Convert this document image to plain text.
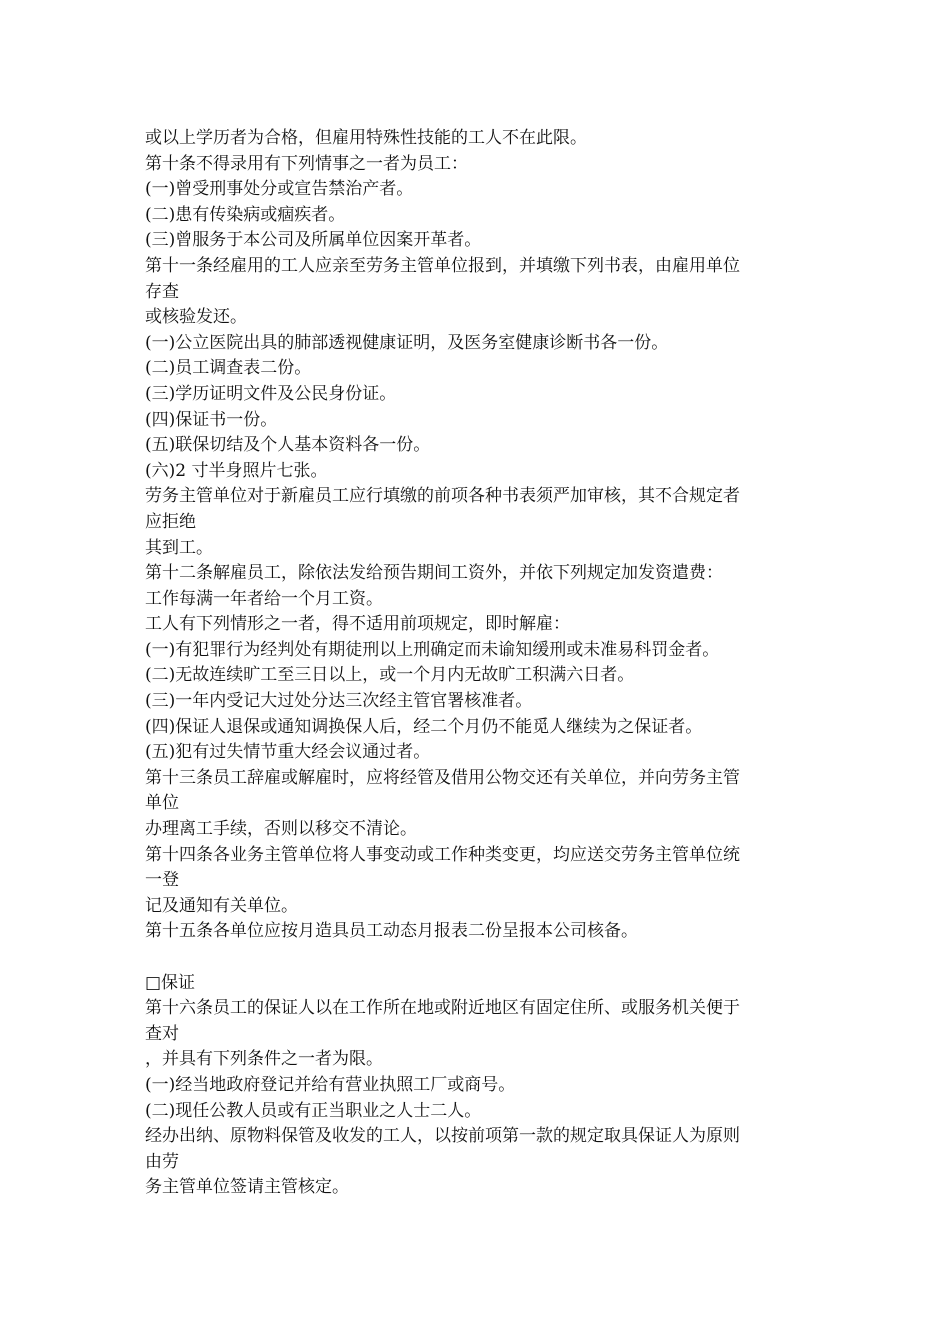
或以上学历者为合格，但雇用特殊性技能的工人不在此限。
第十条不得录用有下列情事之一者为员工：
(一)曾受刑事处分或宣告禁治产者。
(二)患有传染病或痼疾者。
(三)曾服务于本公司及所属单位因案开革者。
第十一条经雇用的工人应亲至劳务主管单位报到，并填缴下列书表，由雇用单位
存查
或核验发还。
(一)公立医院出具的肺部透视健康证明，及医务室健康诊断书各一份。
(二)员工调查表二份。
(三)学历证明文件及公民身份证。
(四)保证书一份。
(五)联保切结及个人基本资料各一份。
(六)2 寸半身照片七张。
劳务主管单位对于新雇员工应行填缴的前项各种书表须严加审核，其不合规定者
应拒绝
其到工。
第十二条解雇员工，除依法发给预告期间工资外，并依下列规定加发资遣费：
工作每满一年者给一个月工资。
工人有下列情形之一者，得不适用前项规定，即时解雇：
(一)有犯罪行为经判处有期徒刑以上刑确定而未谕知缓刑或未准易科罚金者。
(二)无故连续旷工至三日以上，或一个月内无故旷工积满六日者。
(三)一年内受记大过处分达三次经主管官署核准者。
(四)保证人退保或通知调换保人后，经二个月仍不能觅人继续为之保证者。
(五)犯有过失情节重大经会议通过者。
第十三条员工辞雇或解雇时，应将经管及借用公物交还有关单位，并向劳务主管
单位
办理离工手续，否则以移交不清论。
第十四条各业务主管单位将人事变动或工作种类变更，均应送交劳务主管单位统
一登
记及通知有关单位。
第十五条各单位应按月造具员工动态月报表二份呈报本公司核备。
□保证
第十六条员工的保证人以在工作所在地或附近地区有固定住所、或服务机关便于
查对
，并具有下列条件之一者为限。
(一)经当地政府登记并给有营业执照工厂或商号。
(二)现任公教人员或有正当职业之人士二人。
经办出纳、原物料保管及收发的工人，以按前项第一款的规定取具保证人为原则
由劳
务主管单位签请主管核定。
